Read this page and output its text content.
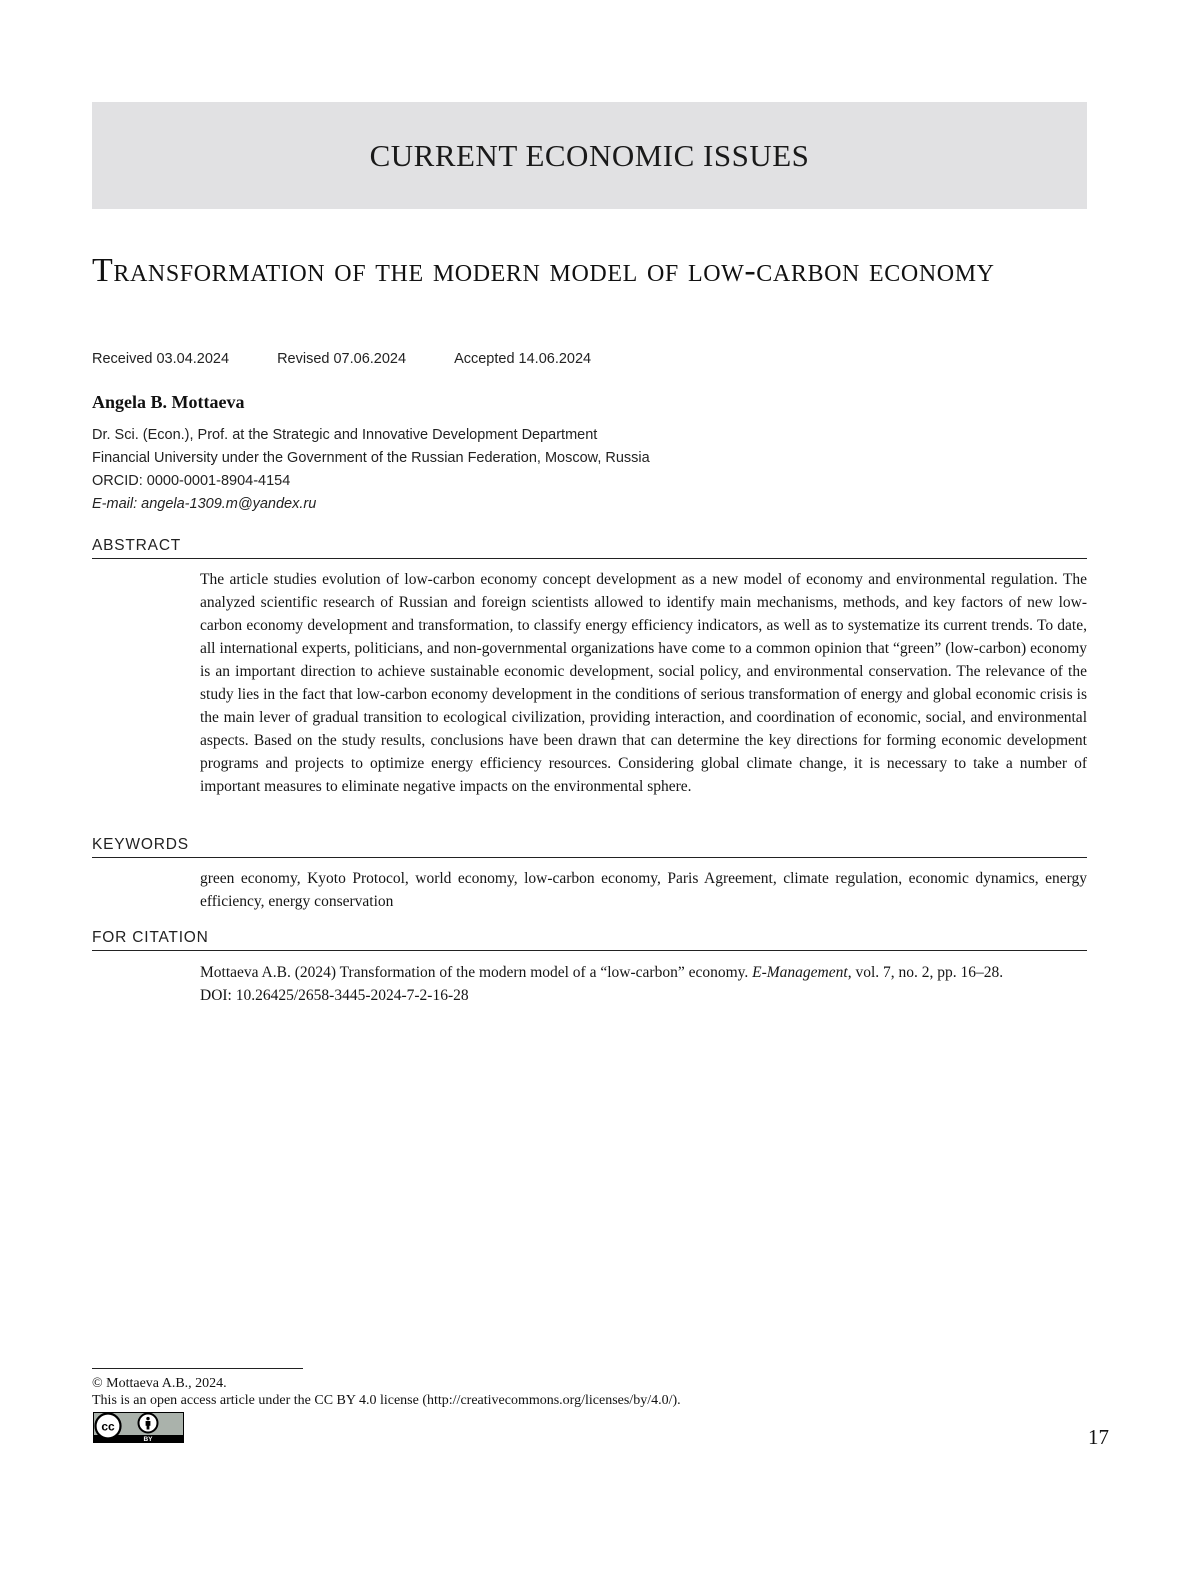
CURRENT ECONOMIC ISSUES
Transformation of the modern model of low-carbon economy
Received 03.04.2024	Revised 07.06.2024	Accepted 14.06.2024
Angela B. Mottaeva
Dr. Sci. (Econ.), Prof. at the Strategic and Innovative Development Department
Financial University under the Government of the Russian Federation, Moscow, Russia
ORCID: 0000-0001-8904-4154
E-mail: angela-1309.m@yandex.ru
ABSTRACT
The article studies evolution of low-carbon economy concept development as a new model of economy and environmental regulation. The analyzed scientific research of Russian and foreign scientists allowed to identify main mechanisms, methods, and key factors of new low-carbon economy development and transformation, to classify energy efficiency indicators, as well as to systematize its current trends. To date, all international experts, politicians, and non-governmental organizations have come to a common opinion that “green” (low-carbon) economy is an important direction to achieve sustainable economic development, social policy, and environmental conservation. The relevance of the study lies in the fact that low-carbon economy development in the conditions of serious transformation of energy and global economic crisis is the main lever of gradual transition to ecological civilization, providing interaction, and coordination of economic, social, and environmental aspects. Based on the study results, conclusions have been drawn that can determine the key directions for forming economic development programs and projects to optimize energy efficiency resources. Considering global climate change, it is necessary to take a number of important measures to eliminate negative impacts on the environmental sphere.
KEYWORDS
green economy, Kyoto Protocol, world economy, low-carbon economy, Paris Agreement, climate regulation, economic dynamics, energy efficiency, energy conservation
FOR CITATION
Mottaeva A.B. (2024) Transformation of the modern model of a “low-carbon” economy. E-Management, vol. 7, no. 2, pp. 16–28.
DOI: 10.26425/2658-3445-2024-7-2-16-28
© Mottaeva A.B., 2024.
This is an open access article under the CC BY 4.0 license (http://creativecommons.org/licenses/by/4.0/).
cc
BY	17
